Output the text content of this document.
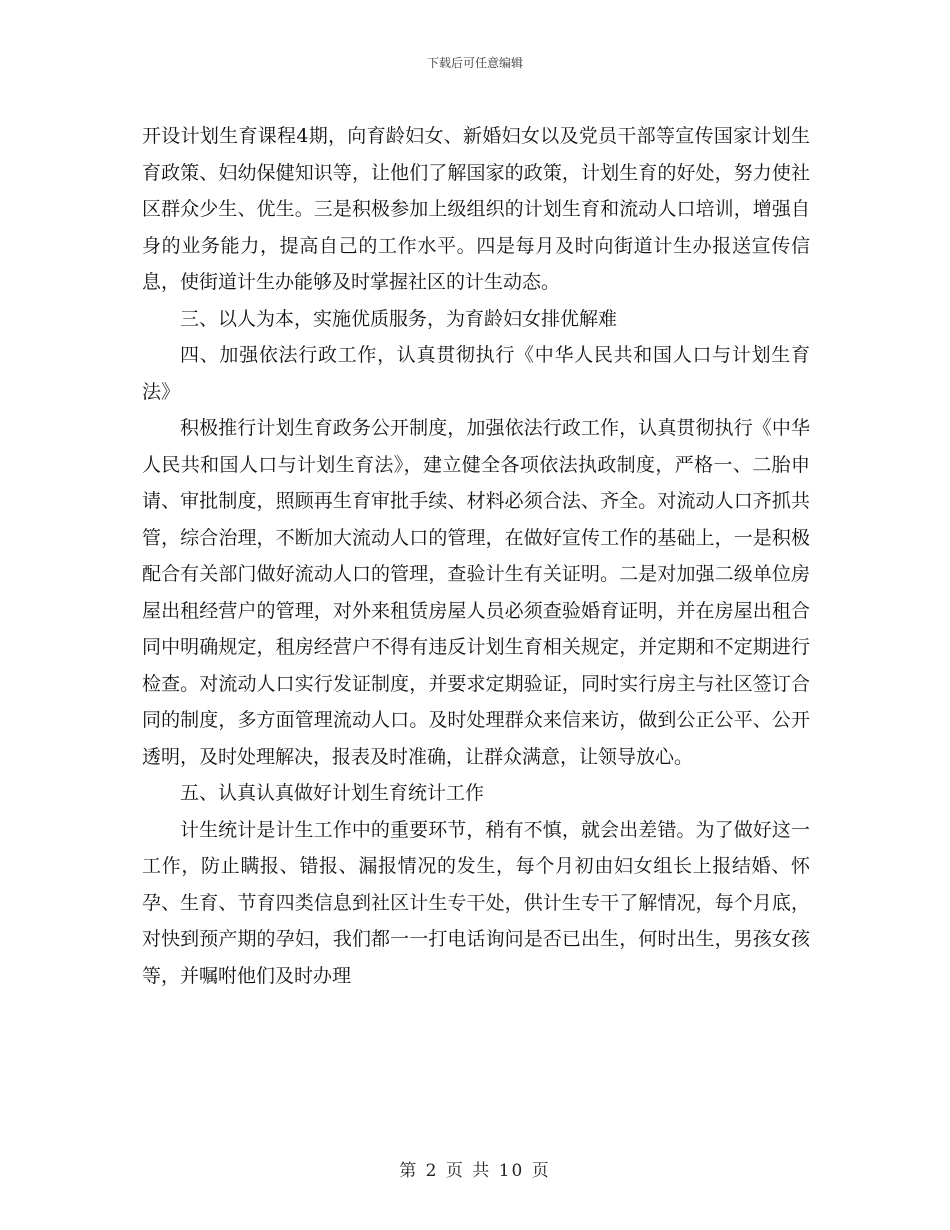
下载后可任意编辑

开设计划生育课程4期，向育龄妇女、新婚妇女以及党员干部等宣传国家计划生育政策、妇幼保健知识等，让他们了解国家的政策，计划生育的好处，努力使社区群众少生、优生。三是积极参加上级组织的计划生育和流动人口培训，增强自身的业务能力，提高自己的工作水平。四是每月及时向街道计生办报送宣传信息，使街道计生办能够及时掌握社区的计生动态。

三、以人为本，实施优质服务，为育龄妇女排优解难

四、加强依法行政工作，认真贯彻执行《中华人民共和国人口与计划生育法》

积极推行计划生育政务公开制度，加强依法行政工作，认真贯彻执行《中华人民共和国人口与计划生育法》，建立健全各项依法执政制度，严格一、二胎申请、审批制度，照顾再生育审批手续、材料必须合法、齐全。对流动人口齐抓共管，综合治理，不断加大流动人口的管理，在做好宣传工作的基础上，一是积极配合有关部门做好流动人口的管理，查验计生有关证明。二是对加强二级单位房屋出租经营户的管理，对外来租赁房屋人员必须查验婚育证明，并在房屋出租合同中明确规定，租房经营户不得有违反计划生育相关规定，并定期和不定期进行检查。对流动人口实行发证制度，并要求定期验证，同时实行房主与社区签订合同的制度，多方面管理流动人口。及时处理群众来信来访，做到公正公平、公开透明，及时处理解决，报表及时准确，让群众满意，让领导放心。

五、认真认真做好计划生育统计工作

计生统计是计生工作中的重要环节，稍有不慎，就会出差错。为了做好这一工作，防止瞒报、错报、漏报情况的发生，每个月初由妇女组长上报结婚、怀孕、生育、节育四类信息到社区计生专干处，供计生专干了解情况，每个月底，对快到预产期的孕妇，我们都一一打电话询问是否已出生，何时出生，男孩女孩等，并嘱咐他们及时办理

第 2 页 共 10 页
